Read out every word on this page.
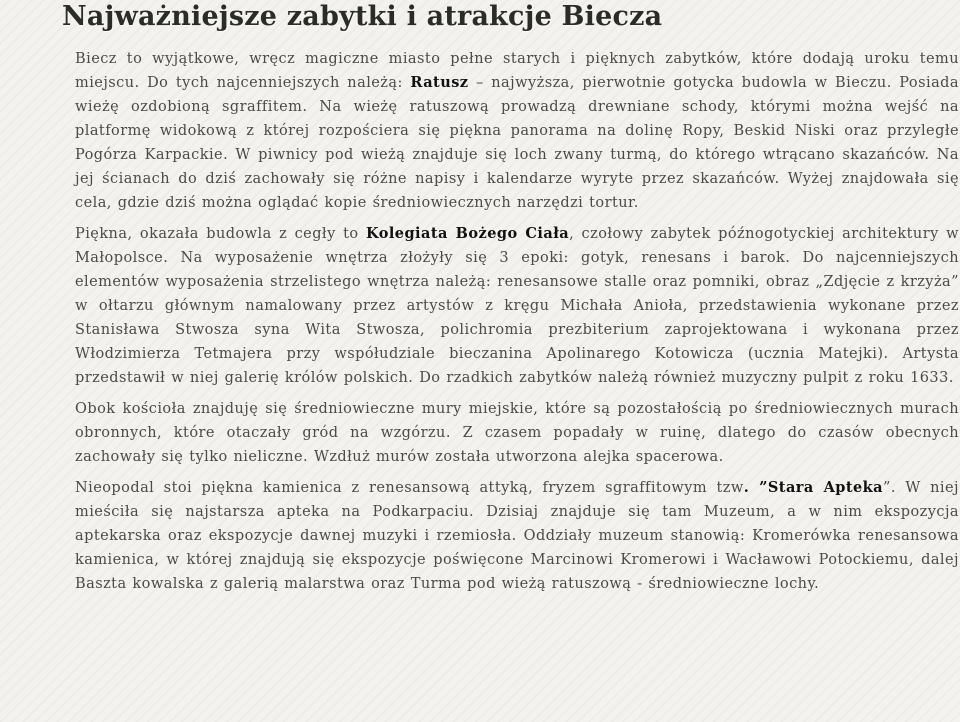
Najważniejsze zabytki i atrakcje Biecza

Biecz to wyjątkowe, wręcz magiczne miasto pełne starych i pięknych zabytków, które dodają uroku temu miejscu. Do tych najcenniejszych należą: Ratusz – najwyższa, pierwotnie gotycka budowla w Bieczu. Posiada wieżę ozdobioną sgraffitem. Na wieżę ratuszową prowadzą drewniane schody, którymi można wejść na platformę widokową z której rozpościera się piękna panorama na dolinę Ropy, Beskid Niski oraz przyległe Pogórza Karpackie. W piwnicy pod wieżą znajduje się loch zwany turmą, do którego wtrącano skazańców. Na jej ścianach do dziś zachowały się różne napisy i kalendarze wyryte przez skazańców. Wyżej znajdowała się cela, gdzie dziś można oglądać kopie średniowiecznych narzędzi tortur.

Piękna, okazała budowla z cegły to Kolegiata Bożego Ciała, czołowy zabytek późnogotyckiej architektury w Małopolsce. Na wyposażenie wnętrza złożyły się 3 epoki: gotyk, renesans i barok. Do najcenniejszych elementów wyposażenia strzelistego wnętrza należą: renesansowe stalle oraz pomniki, obraz „Zdjęcie z krzyża” w ołtarzu głównym namalowany przez artystów z kręgu Michała Anioła, przedstawienia wykonane przez Stanisława Stwosza syna Wita Stwosza, polichromia prezbiterium zaprojektowana i wykonana przez Włodzimierza Tetmajera przy współudziale bieczanina Apolinarego Kotowicza (ucznia Matejki). Artysta przedstawił w niej galerię królów polskich. Do rzadkich zabytków należą również muzyczny pulpit z roku 1633.

Obok kościoła znajduję się średniowieczne mury miejskie, które są pozostałością po średniowiecznych murach obronnych, które otaczały gród na wzgórzu. Z czasem popadały w ruinę, dlatego do czasów obecnych zachowały się tylko nieliczne. Wzdłuż murów została utworzona alejka spacerowa.

Nieopodal stoi piękna kamienica z renesansową attyką, fryzem sgraffitowym tzw. ”Stara Apteka”. W niej mieściła się najstarsza apteka na Podkarpaciu. Dzisiaj znajduje się tam Muzeum, a w nim ekspozycja aptekarska oraz ekspozycje dawnej muzyki i rzemiosła. Oddziały muzeum stanowią: Kromerówka renesansowa kamienica, w której znajdują się ekspozycje poświęcone Marcinowi Kromerowi i Wacławowi Potockiemu, dalej Baszta kowalska z galerią malarstwa oraz Turma pod wieżą ratuszową - średniowieczne lochy.
